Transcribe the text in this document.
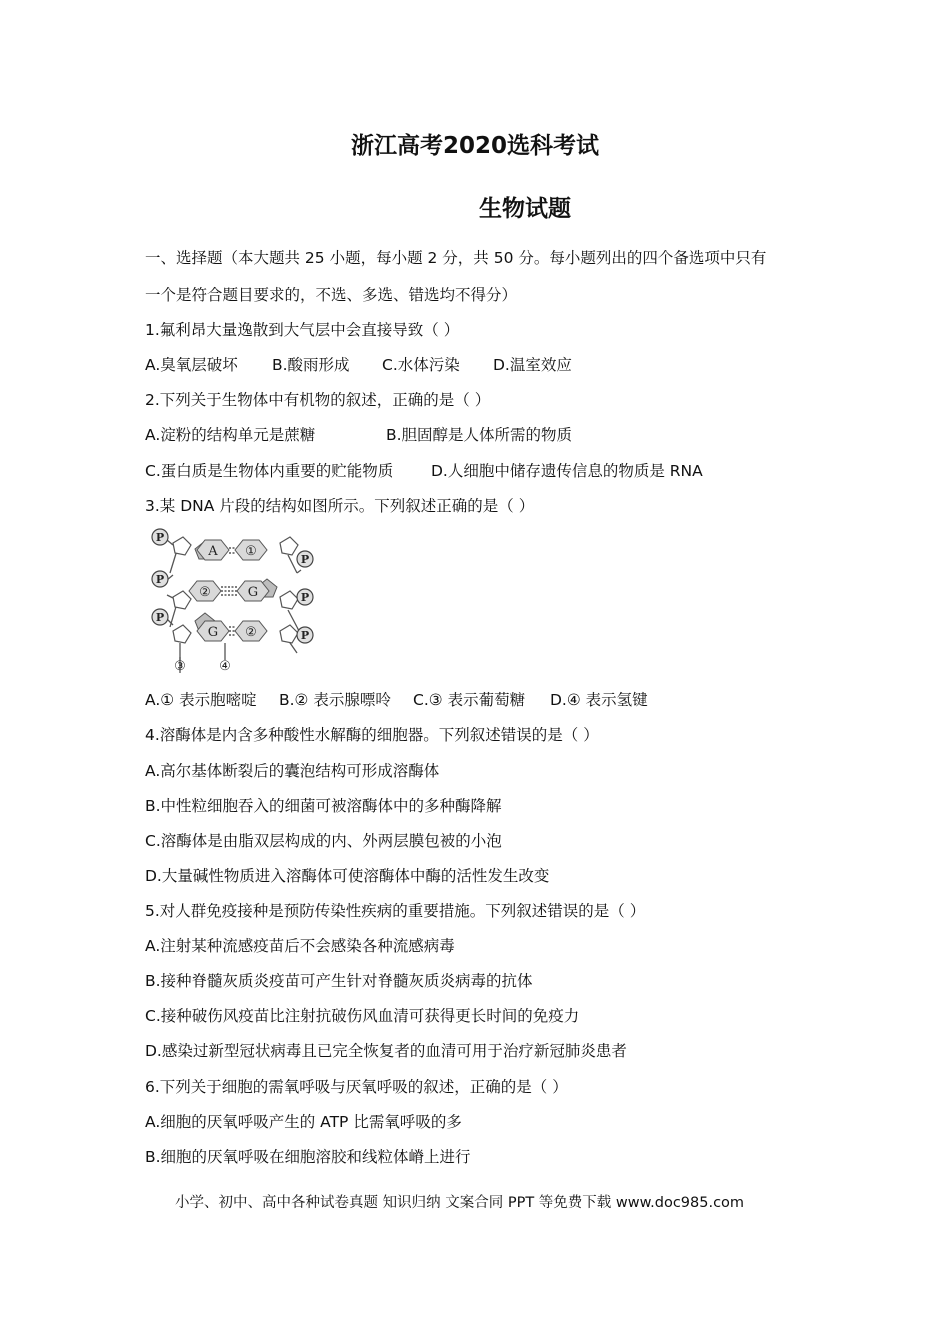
浙江高考2020选科考试
生物试题
一、选择题（本大题共 25 小题，每小题 2 分，共 50 分。每小题列出的四个备选项中只有
一个是符合题目要求的，不选、多选、错选均不得分）
1.氟利昂大量逸散到大气层中会直接导致（ ）
A.臭氧层破坏 B.酸雨形成 C.水体污染 D.温室效应
2.下列关于生物体中有机物的叙述，正确的是（ ）
A.淀粉的结构单元是蔗糖	B.胆固醇是人体所需的物质
C.蛋白质是生物体内重要的贮能物质 D.人细胞中储存遗传信息的物质是 RNA
3.某 DNA 片段的结构如图所示。下列叙述正确的是（ ）
A
G
G
①
②
②
P
P
P
P
P
P
③	④
A.① 表示胞嘧啶 B.② 表示腺嘌呤 C.③ 表示葡萄糖 D.④ 表示氢键
4.溶酶体是内含多种酸性水解酶的细胞器。下列叙述错误的是（ ）
A.高尔基体断裂后的囊泡结构可形成溶酶体
B.中性粒细胞吞入的细菌可被溶酶体中的多种酶降解
C.溶酶体是由脂双层构成的内、外两层膜包被的小泡
D.大量碱性物质进入溶酶体可使溶酶体中酶的活性发生改变
5.对人群免疫接种是预防传染性疾病的重要措施。下列叙述错误的是（ ）
A.注射某种流感疫苗后不会感染各种流感病毒
B.接种脊髓灰质炎疫苗可产生针对脊髓灰质炎病毒的抗体
C.接种破伤风疫苗比注射抗破伤风血清可获得更长时间的免疫力
D.感染过新型冠状病毒且已完全恢复者的血清可用于治疗新冠肺炎患者
6.下列关于细胞的需氧呼吸与厌氧呼吸的叙述，正确的是（ ）
A.细胞的厌氧呼吸产生的 ATP 比需氧呼吸的多
B.细胞的厌氧呼吸在细胞溶胶和线粒体嵴上进行
小学、初中、高中各种试卷真题 知识归纳 文案合同 PPT 等免费下载 www.doc985.com
